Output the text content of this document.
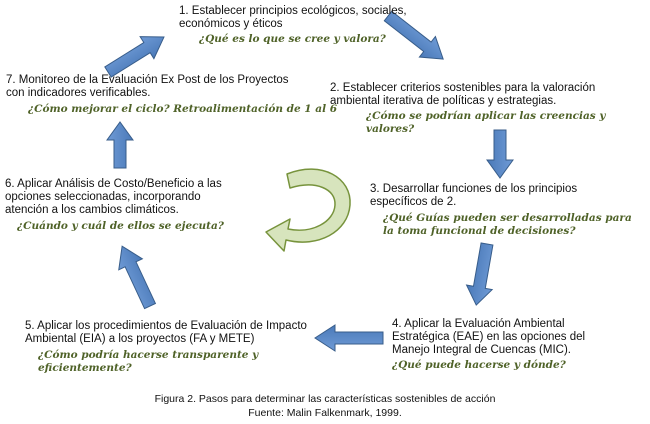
1. Establecer principios ecológicos, sociales,
económicos y éticos
¿Qué es lo que se cree y valora?
2. Establecer criterios sostenibles para la valoración
ambiental iterativa de políticas y estrategias.
¿Cómo se podrían aplicar las creencias y valores?
3. Desarrollar funciones de los principios
específicos de 2.
¿Qué Guías pueden ser desarrolladas para
la toma funcional de decisiones?
4. Aplicar la Evaluación Ambiental
Estratégica (EAE) en las opciones del
Manejo Integral de Cuencas (MIC).
¿Qué puede hacerse y dónde?
5. Aplicar los procedimientos de Evaluación de Impacto
Ambiental (EIA) a los proyectos (FA y METE)
¿Cómo podría hacerse transparente y
eficientemente?
6. Aplicar Análisis de Costo/Beneficio a las
opciones seleccionadas, incorporando
atención a los cambios climáticos.
¿Cuándo y cuál de ellos se ejecuta?
7. Monitoreo de la Evaluación Ex Post de los Proyectos
con indicadores verificables.
¿Cómo mejorar el ciclo? Retroalimentación de 1 al 6
Figura 2. Pasos para determinar las características sostenibles de acción
Fuente: Malin Falkenmark, 1999.
